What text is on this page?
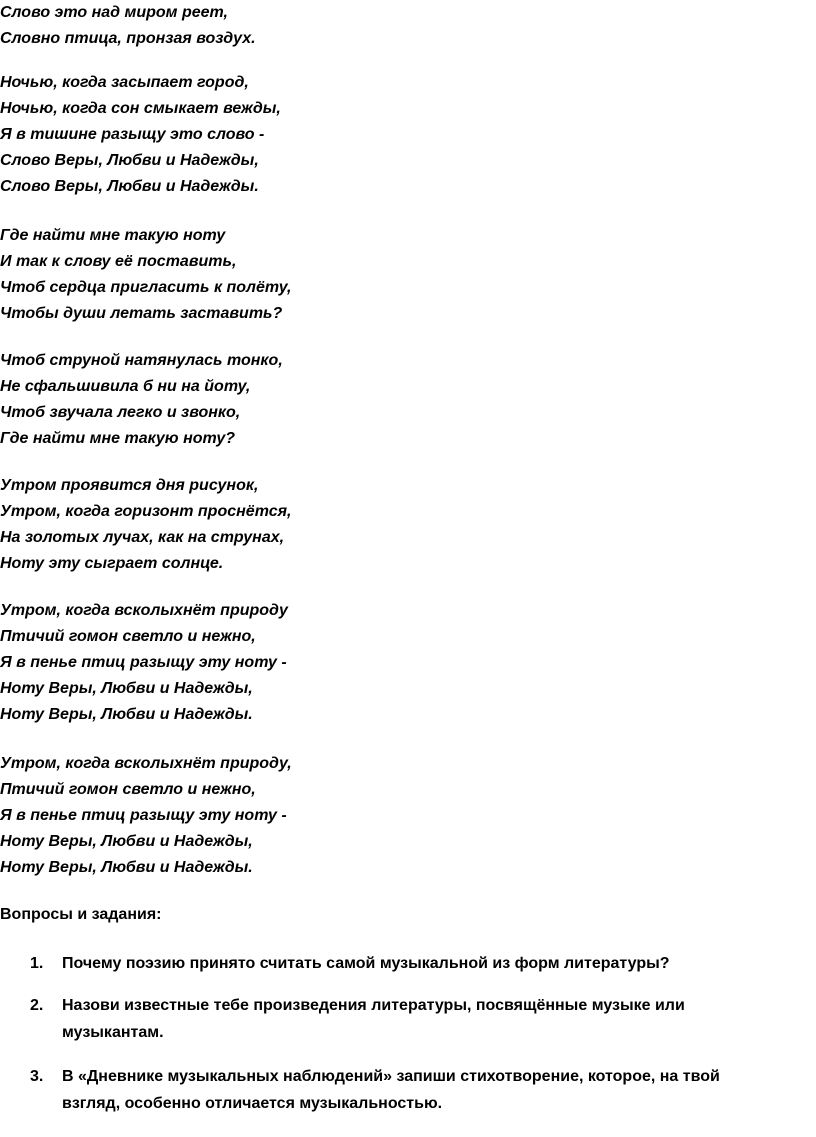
Слово это над миром реет,
Словно птица, пронзая воздух.
Ночью, когда засыпает город,
Ночью, когда сон смыкает вежды,
Я в тишине разыщу это слово -
Слово Веры, Любви и Надежды,
Слово Веры, Любви и Надежды.
Где найти мне такую ноту
И так к слову её поставить,
Чтоб сердца пригласить к полёту,
Чтобы души летать заставить?
Чтоб струной натянулась тонко,
Не сфальшивила б ни на йоту,
Чтоб звучала легко и звонко,
Где найти мне такую ноту?
Утром проявится дня рисунок,
Утром, когда горизонт проснётся,
На золотых лучах, как на струнах,
Ноту эту сыграет солнце.
Утром, когда всколыхнёт природу
Птичий гомон светло и нежно,
Я в пенье птиц разыщу эту ноту -
Ноту Веры, Любви и Надежды,
Ноту Веры, Любви и Надежды.
Утром, когда всколыхнёт природу,
Птичий гомон светло и нежно,
Я в пенье птиц разыщу эту ноту -
Ноту Веры, Любви и Надежды,
Ноту Веры, Любви и Надежды.
Вопросы и задания:
1. Почему поэзию принято считать самой музыкальной из форм литературы?
2. Назови известные тебе произведения литературы, посвящённые музыке или музыкантам.
3. В «Дневнике музыкальных наблюдений» запиши стихотворение, которое, на твой взгляд, особенно отличается музыкальностью.
